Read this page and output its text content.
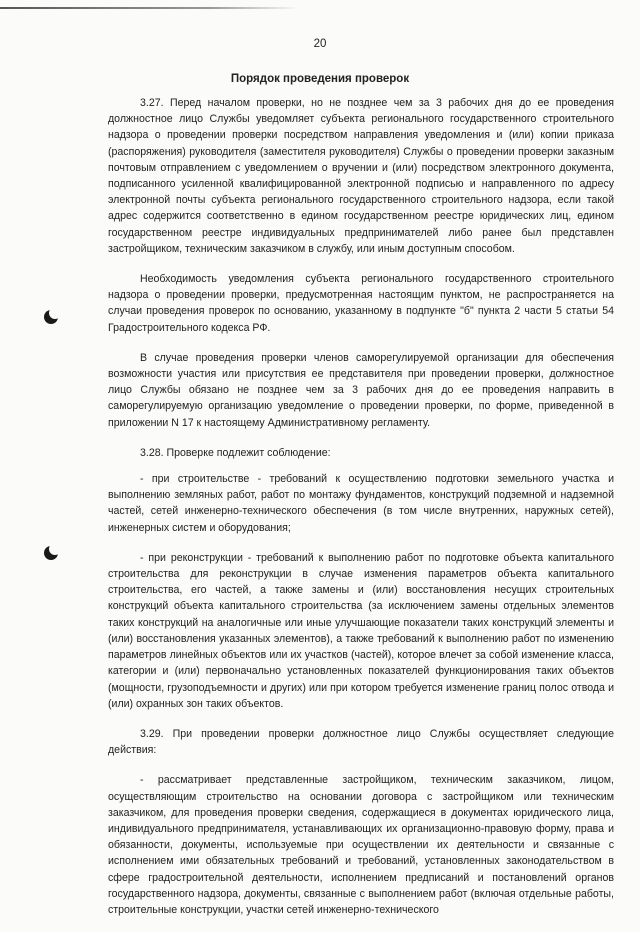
20
Порядок проведения проверок

3.27. Перед началом проверки, но не позднее чем за 3 рабочих дня до ее проведения должностное лицо Службы уведомляет субъекта регионального государственного строительного надзора о проведении проверки посредством направления уведомления и (или) копии приказа (распоряжения) руководителя (заместителя руководителя) Службы о проведении проверки заказным почтовым отправлением с уведомлением о вручении и (или) посредством электронного документа, подписанного усиленной квалифицированной электронной подписью и направленного по адресу электронной почты субъекта регионального государственного строительного надзора, если такой адрес содержится соответственно в едином государственном реестре юридических лиц, едином государственном реестре индивидуальных предпринимателей либо ранее был представлен застройщиком, техническим заказчиком в службу, или иным доступным способом.

Необходимость уведомления субъекта регионального государственного строительного надзора о проведении проверки, предусмотренная настоящим пунктом, не распространяется на случаи проведения проверок по основанию, указанному в подпункте "б" пункта 2 части 5 статьи 54 Градостроительного кодекса РФ.

В случае проведения проверки членов саморегулируемой организации для обеспечения возможности участия или присутствия ее представителя при проведении проверки, должностное лицо Службы обязано не позднее чем за 3 рабочих дня до ее проведения направить в саморегулируемую организацию уведомление о проведении проверки, по форме, приведенной в приложении N 17 к настоящему Административному регламенту.

3.28. Проверке подлежит соблюдение:

- при строительстве - требований к осуществлению подготовки земельного участка и выполнению земляных работ, работ по монтажу фундаментов, конструкций подземной и надземной частей, сетей инженерно-технического обеспечения (в том числе внутренних, наружных сетей), инженерных систем и оборудования;

- при реконструкции - требований к выполнению работ по подготовке объекта капитального строительства для реконструкции в случае изменения параметров объекта капитального строительства, его частей, а также замены и (или) восстановления несущих строительных конструкций объекта капитального строительства (за исключением замены отдельных элементов таких конструкций на аналогичные или иные улучшающие показатели таких конструкций элементы и (или) восстановления указанных элементов), а также требований к выполнению работ по изменению параметров линейных объектов или их участков (частей), которое влечет за собой изменение класса, категории и (или) первоначально установленных показателей функционирования таких объектов (мощности, грузоподъемности и других) или при котором требуется изменение границ полос отвода и (или) охранных зон таких объектов.

3.29. При проведении проверки должностное лицо Службы осуществляет следующие действия:

- рассматривает представленные застройщиком, техническим заказчиком, лицом, осуществляющим строительство на основании договора с застройщиком или техническим заказчиком, для проведения проверки сведения, содержащиеся в документах юридического лица, индивидуального предпринимателя, устанавливающих их организационно-правовую форму, права и обязанности, документы, используемые при осуществлении их деятельности и связанные с исполнением ими обязательных требований и требований, установленных законодательством в сфере градостроительной деятельности, исполнением предписаний и постановлений органов государственного надзора, документы, связанные с выполнением работ (включая отдельные работы, строительные конструкции, участки сетей инженерно-технического
